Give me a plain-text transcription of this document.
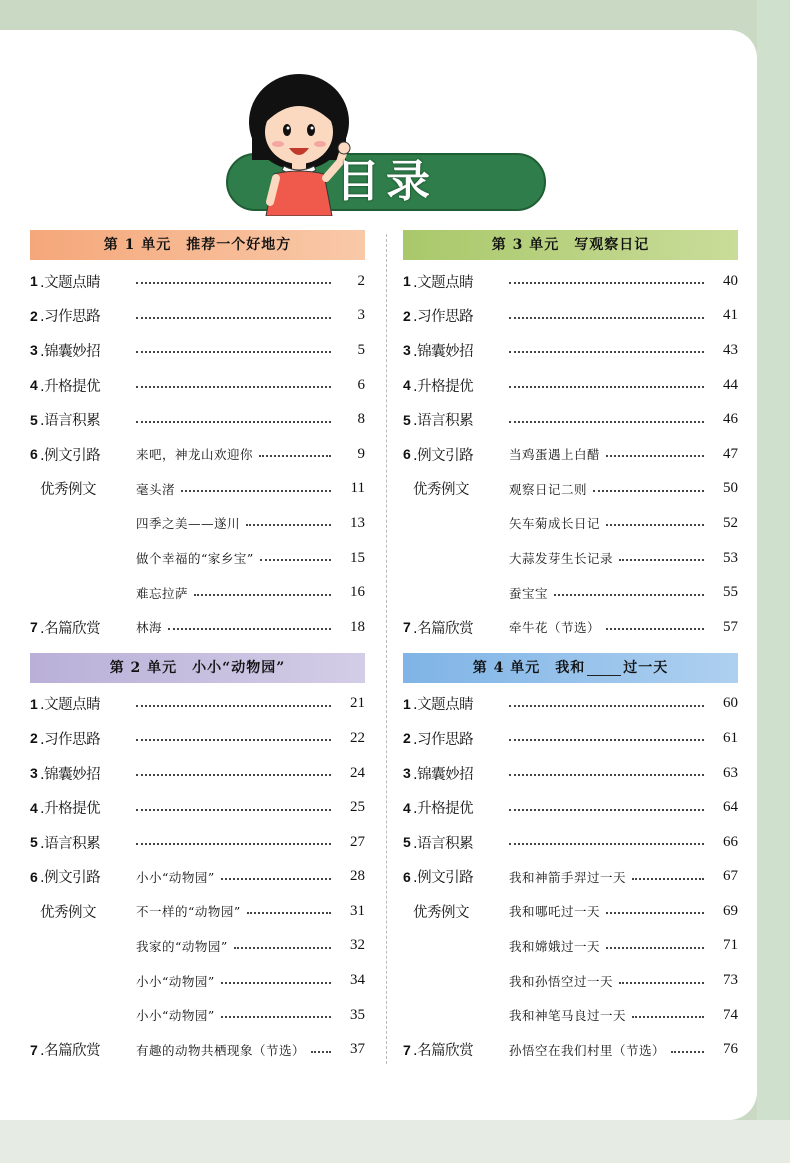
目录
第 1 单元　推荐一个好地方
1 .文题点睛	2
2 .习作思路	3
3 .锦囊妙招	5
4 .升格提优	6
5 .语言积累	8
6 .例文引路	来吧，神龙山欢迎你	9
优秀例文	毫头渚	11
四季之美——遂川	13
做个幸福的“家乡宝”	15
难忘拉萨	16
7 .名篇欣赏	林海	18
第 2 单元　小小“动物园”
1 .文题点睛	21
2 .习作思路	22
3 .锦囊妙招	24
4 .升格提优	25
5 .语言积累	27
6 .例文引路	小小“动物园”	28
优秀例文	不一样的“动物园”	31
我家的“动物园”	32
小小“动物园”	34
小小“动物园”	35
7 .名篇欣赏	有趣的动物共栖现象（节选）	37
第 3 单元　写观察日记
1 .文题点睛	40
2 .习作思路	41
3 .锦囊妙招	43
4 .升格提优	44
5 .语言积累	46
6 .例文引路	当鸡蛋遇上白醋	47
优秀例文	观察日记二则	50
矢车菊成长日记	52
大蒜发芽生长记录	53
蚕宝宝	55
7 .名篇欣赏	牵牛花（节选）	57
第 4 单元　我和	过一天
1 .文题点睛	60
2 .习作思路	61
3 .锦囊妙招	63
4 .升格提优	64
5 .语言积累	66
6 .例文引路	我和神箭手羿过一天	67
优秀例文	我和哪吒过一天	69
我和嫦娥过一天	71
我和孙悟空过一天	73
我和神笔马良过一天	74
7 .名篇欣赏	孙悟空在我们村里（节选）	76
